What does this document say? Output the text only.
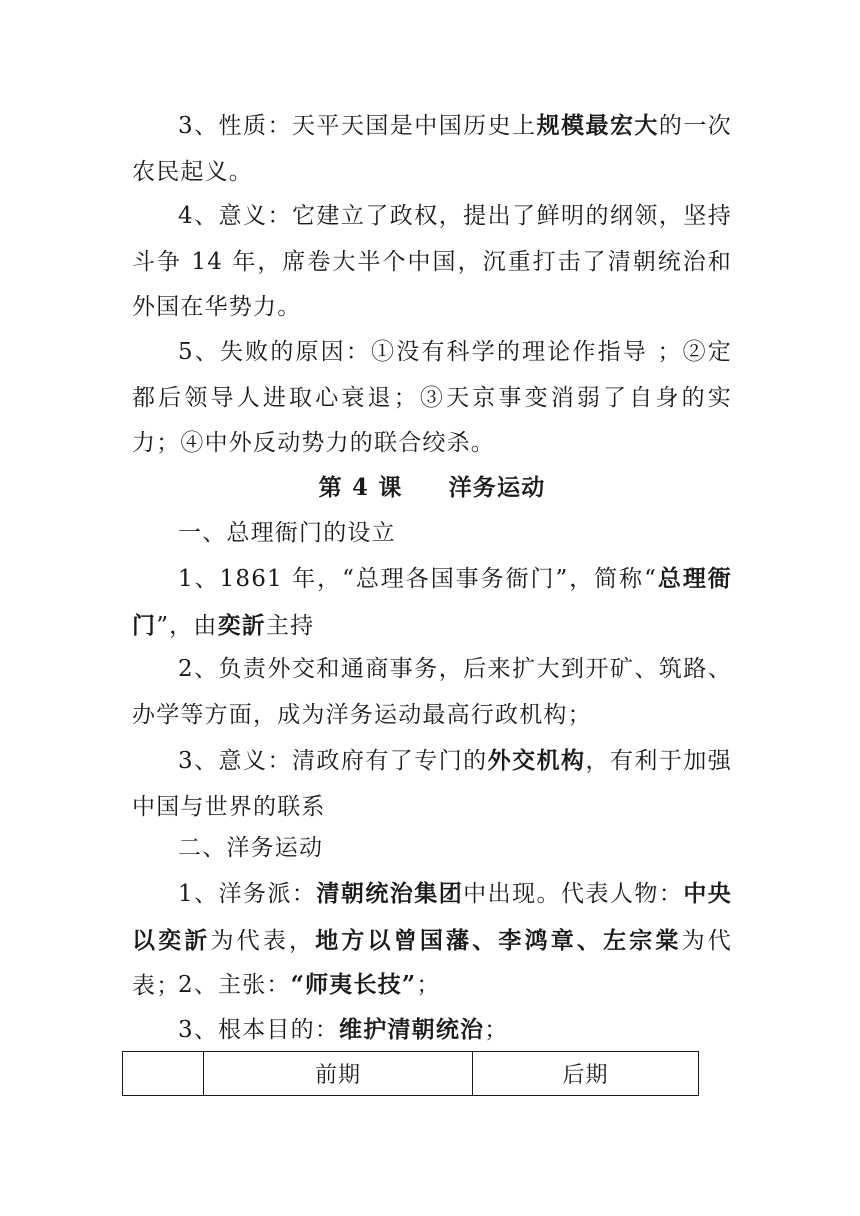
3、性质：天平天国是中国历史上规模最宏大的一次农民起义。

4、意义：它建立了政权，提出了鲜明的纲领，坚持斗争 14 年，席卷大半个中国，沉重打击了清朝统治和外国在华势力。

5、失败的原因：①没有科学的理论作指导 ；②定都后领导人进取心衰退；③天京事变消弱了自身的实力；④中外反动势力的联合绞杀。

第 4 课 洋务运动

一、总理衙门的设立

1、1861 年，“总理各国事务衙门”，简称“总理衙门”，由奕訢主持

2、负责外交和通商事务，后来扩大到开矿、筑路、办学等方面，成为洋务运动最高行政机构；

3、意义：清政府有了专门的外交机构，有利于加强中国与世界的联系

二、洋务运动

1、洋务派：清朝统治集团中出现。代表人物：中央以奕訢为代表，地方以曾国藩、李鸿章、左宗棠为代表；

2、主张：“师夷长技”；

3、根本目的：维护清朝统治；

	前期	后期
